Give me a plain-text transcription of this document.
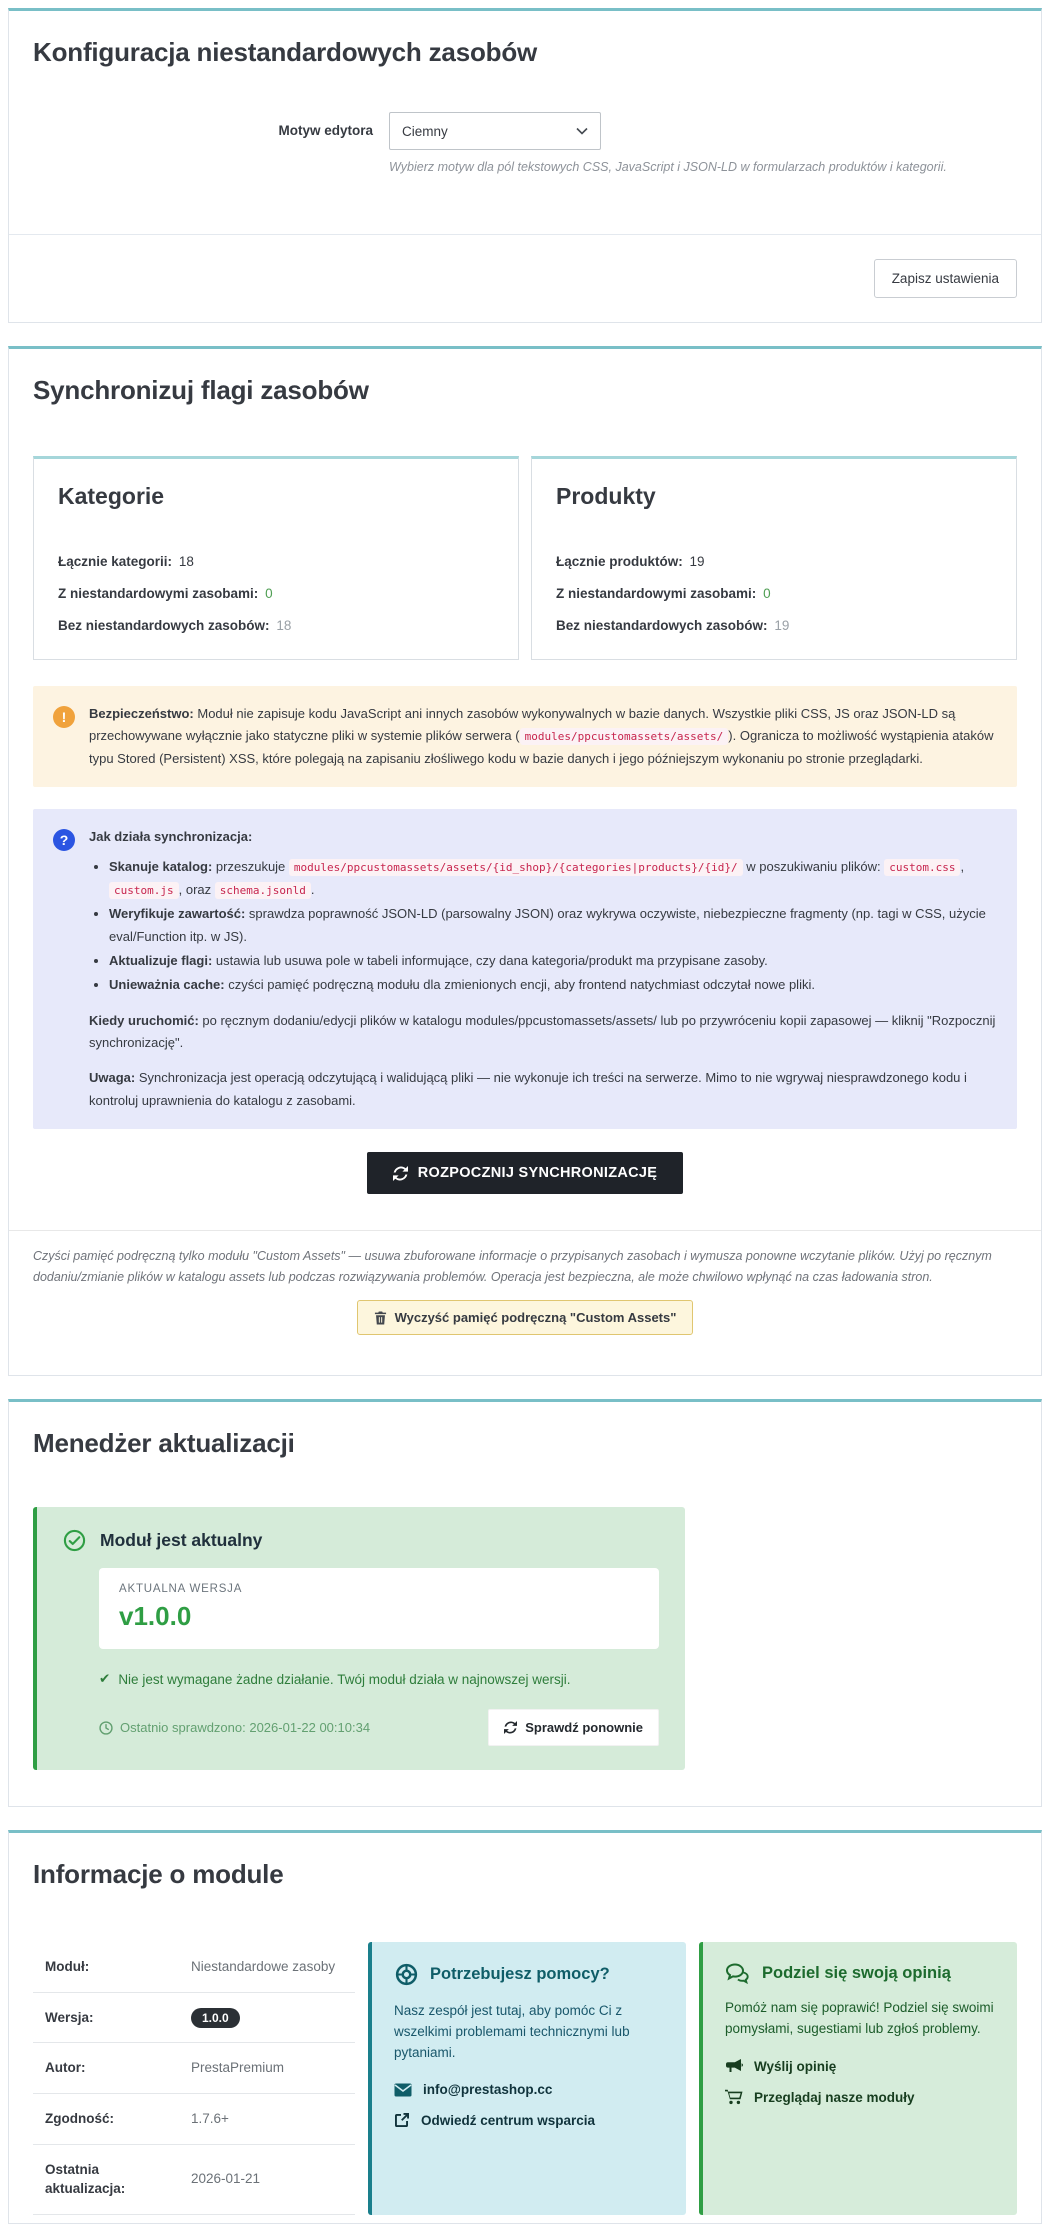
Konfiguracja niestandardowych zasobów
Motyw edytora	Ciemny

Wybierz motyw dla pól tekstowych CSS, JavaScript i JSON-LD w formularzach produktów i kategorii.

Zapisz ustawienia
Synchronizuj flagi zasobów
Kategorie
Łącznie kategorii: 18
Z niestandardowymi zasobami: 0
Bez niestandardowych zasobów: 18
Produkty
Łącznie produktów: 19
Z niestandardowymi zasobami: 0
Bez niestandardowych zasobów: 19
!	Bezpieczeństwo: Moduł nie zapisuje kodu JavaScript ani innych zasobów wykonywalnych w bazie danych. Wszystkie pliki CSS, JS oraz JSON-LD są przechowywane wyłącznie jako statyczne pliki w systemie plików serwera ( modules/ppcustomassets/assets/ ). Ogranicza to możliwość wystąpienia ataków typu Stored (Persistent) XSS, które polegają na zapisaniu złośliwego kodu w bazie danych i jego późniejszym wykonaniu po stronie przeglądarki.

?	Jak działa synchronizacja:

• Skanuje katalog: przeszukuje modules/ppcustomassets/assets/{id_shop}/{categories|products}/{id}/ w poszukiwaniu plików: custom.css , custom.js , oraz schema.jsonld .
• Weryfikuje zawartość: sprawdza poprawność JSON-LD (parsowalny JSON) oraz wykrywa oczywiste, niebezpieczne fragmenty (np. tagi w CSS, użycie eval/Function itp. w JS).
• Aktualizuje flagi: ustawia lub usuwa pole w tabeli informujące, czy dana kategoria/produkt ma przypisane zasoby.
• Unieważnia cache: czyści pamięć podręczną modułu dla zmienionych encji, aby frontend natychmiast odczytał nowe pliki.

Kiedy uruchomić: po ręcznym dodaniu/edycji plików w katalogu modules/ppcustomassets/assets/ lub po przywróceniu kopii zapasowej — kliknij "Rozpocznij synchronizację".

Uwaga: Synchronizacja jest operacją odczytującą i walidującą pliki — nie wykonuje ich treści na serwerze. Mimo to nie wgrywaj niesprawdzonego kodu i kontroluj uprawnienia do katalogu z zasobami.

ROZPOCZNIJ SYNCHRONIZACJĘ

Czyści pamięć podręczną tylko modułu "Custom Assets" — usuwa zbuforowane informacje o przypisanych zasobach i wymusza ponowne wczytanie plików. Użyj po ręcznym dodaniu/zmianie plików w katalogu assets lub podczas rozwiązywania problemów. Operacja jest bezpieczna, ale może chwilowo wpłynąć na czas ładowania stron.

Wyczyść pamięć podręczną "Custom Assets"
Menedżer aktualizacji
Moduł jest aktualny
AKTUALNA WERSJA
v1.0.0
✔ Nie jest wymagane żadne działanie. Twój moduł działa w najnowszej wersji.
Ostatnio sprawdzono: 2026-01-22 00:10:34	Sprawdź ponownie
Informacje o module
Moduł:	Niestandardowe zasoby
Wersja:	1.0.0
Autor:	PrestaPremium
Zgodność:	1.7.6+
Ostatnia aktualizacja:	2026-01-21
Potrzebujesz pomocy?

Nasz zespół jest tutaj, aby pomóc Ci z wszelkimi problemami technicznymi lub pytaniami.

info@prestashop.cc
Odwiedź centrum wsparcia
Podziel się swoją opinią

Pomóż nam się poprawić! Podziel się swoimi pomysłami, sugestiami lub zgłoś problemy.

Wyślij opinię
Przeglądaj nasze moduły
